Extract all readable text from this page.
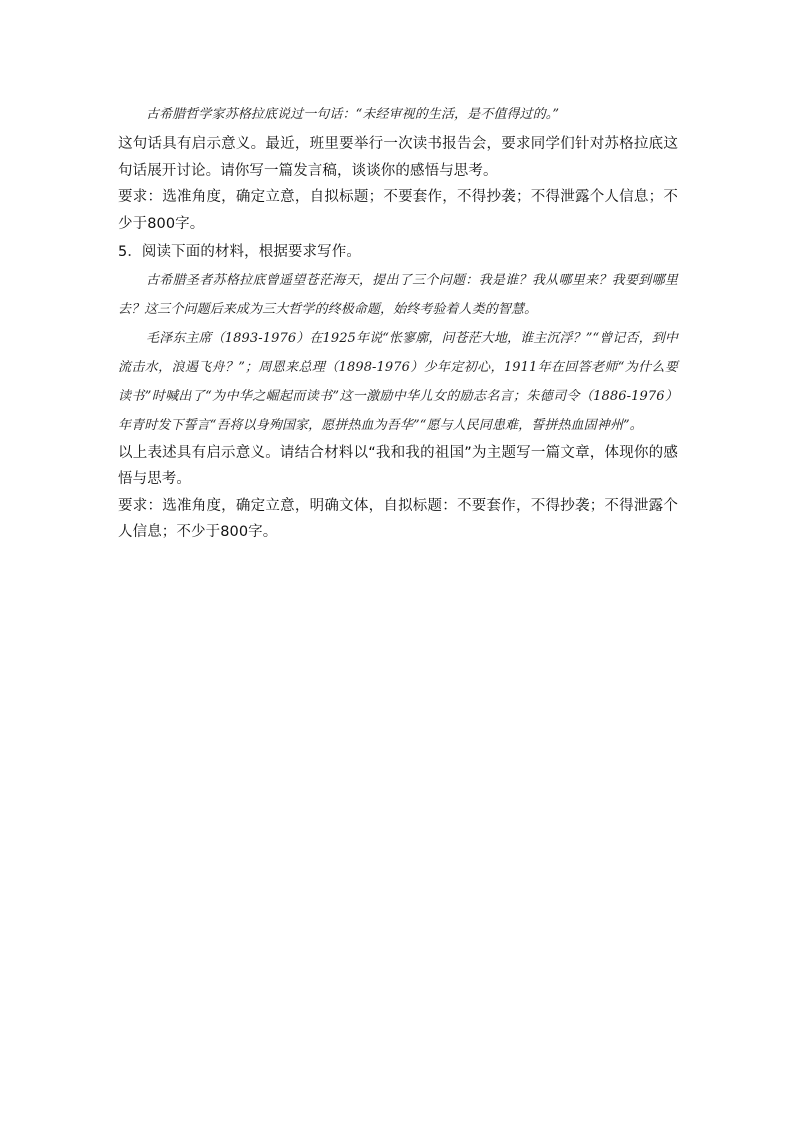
古希腊哲学家苏格拉底说过一句话：“未经审视的生活，是不值得过的。”

这句话具有启示意义。最近，班里要举行一次读书报告会，要求同学们针对苏格拉底这句话展开讨论。请你写一篇发言稿，谈谈你的感悟与思考。

要求：选准角度，确定立意，自拟标题；不要套作，不得抄袭；不得泄露个人信息；不少于800字。

5．阅读下面的材料，根据要求写作。

古希腊圣者苏格拉底曾遥望苍茫海天，提出了三个问题：我是谁？我从哪里来？我要到哪里去？这三个问题后来成为三大哲学的终极命题，始终考验着人类的智慧。

毛泽东主席（1893-1976）在1925年说“怅寥廓，问苍茫大地，谁主沉浮？”“曾记否，到中流击水，浪遏飞舟？”；周恩来总理（1898-1976）少年定初心，1911年在回答老师“为什么要读书”时喊出了“为中华之崛起而读书”这一激励中华儿女的励志名言；朱德司令（1886-1976）年青时发下誓言“吾将以身殉国家，愿拼热血为吾华”“愿与人民同患难，誓拼热血固神州”。

以上表述具有启示意义。请结合材料以“我和我的祖国”为主题写一篇文章，体现你的感悟与思考。

要求：选准角度，确定立意，明确文体，自拟标题：不要套作，不得抄袭；不得泄露个人信息；不少于800字。
